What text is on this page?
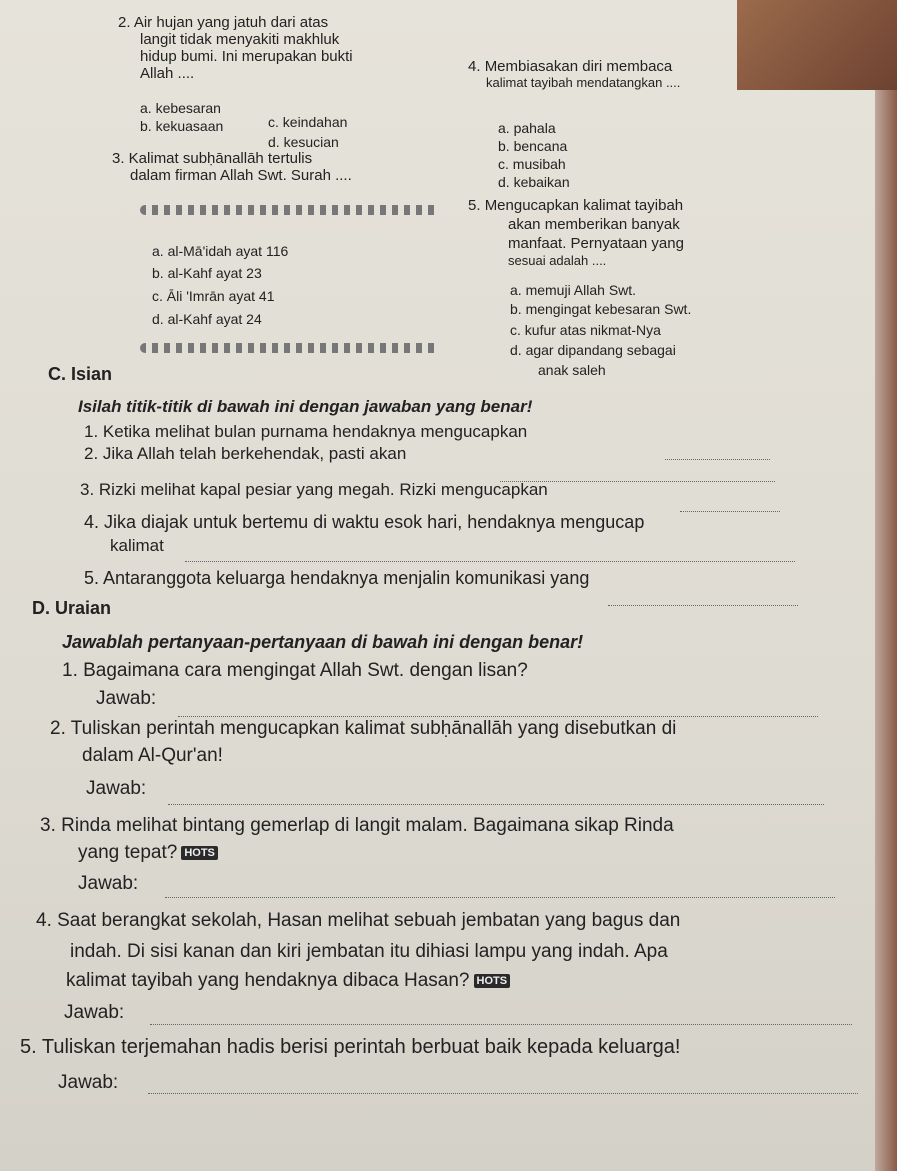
2. Air hujan yang jatuh dari atas
langit tidak menyakiti makhluk
hidup bumi. Ini merupakan bukti
Allah ....
a. kebesaran
b. kekuasaan	c. keindahan
d. kesucian
3. Kalimat subḥānallāh tertulis
dalam firman Allah Swt. Surah ....
a. al-Mā'idah ayat 116
b. al-Kahf ayat 23
c. Āli 'Imrān ayat 41
d. al-Kahf ayat 24
4. Membiasakan diri membaca
kalimat tayibah mendatangkan ....
a. pahala
b. bencana
c. musibah
d. kebaikan
5. Mengucapkan kalimat tayibah
akan memberikan banyak
manfaat. Pernyataan yang
sesuai adalah ....
a. memuji Allah Swt.
b. mengingat kebesaran Swt.
c. kufur atas nikmat-Nya
d. agar dipandang sebagai
anak saleh
C. Isian
Isilah titik-titik di bawah ini dengan jawaban yang benar!
1. Ketika melihat bulan purnama hendaknya mengucapkan
2. Jika Allah telah berkehendak, pasti akan
3. Rizki melihat kapal pesiar yang megah. Rizki mengucapkan
4. Jika diajak untuk bertemu di waktu esok hari, hendaknya mengucap
kalimat
5. Antaranggota keluarga hendaknya menjalin komunikasi yang
D. Uraian
Jawablah pertanyaan-pertanyaan di bawah ini dengan benar!
1. Bagaimana cara mengingat Allah Swt. dengan lisan?
Jawab:
2. Tuliskan perintah mengucapkan kalimat subḥānallāh yang disebutkan di
dalam Al-Qur'an!
Jawab:
3. Rinda melihat bintang gemerlap di langit malam. Bagaimana sikap Rinda
yang tepat? HOTS
Jawab:
4. Saat berangkat sekolah, Hasan melihat sebuah jembatan yang bagus dan
indah. Di sisi kanan dan kiri jembatan itu dihiasi lampu yang indah. Apa
kalimat tayibah yang hendaknya dibaca Hasan? HOTS
Jawab:
5. Tuliskan terjemahan hadis berisi perintah berbuat baik kepada keluarga!
Jawab:
